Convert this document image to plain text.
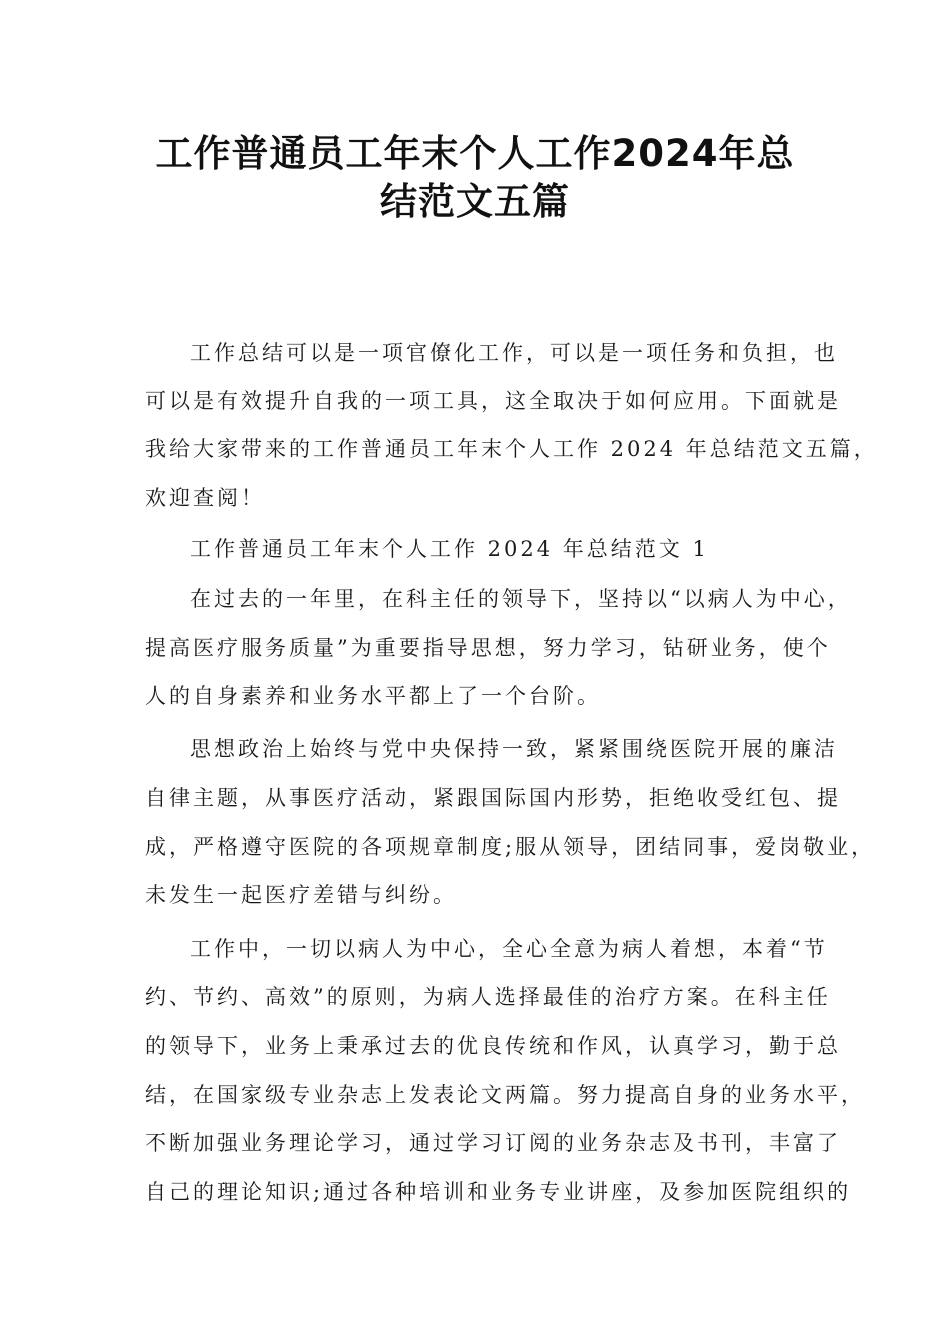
工作普通员工年末个人工作2024年总
结范文五篇

工作总结可以是一项官僚化工作，可以是一项任务和负担，也

可以是有效提升自我的一项工具，这全取决于如何应用。下面就是

我给大家带来的工作普通员工年末个人工作 2024 年总结范文五篇，

欢迎查阅！

工作普通员工年末个人工作 2024 年总结范文 1

在过去的一年里，在科主任的领导下，坚持以“以病人为中心，

提高医疗服务质量”为重要指导思想，努力学习，钻研业务，使个

人的自身素养和业务水平都上了一个台阶。

思想政治上始终与党中央保持一致，紧紧围绕医院开展的廉洁

自律主题，从事医疗活动，紧跟国际国内形势，拒绝收受红包、提

成，严格遵守医院的各项规章制度;服从领导，团结同事，爱岗敬业，

未发生一起医疗差错与纠纷。

工作中，一切以病人为中心，全心全意为病人着想，本着“节

约、节约、高效”的原则，为病人选择最佳的治疗方案。在科主任

的领导下，业务上秉承过去的优良传统和作风，认真学习，勤于总

结，在国家级专业杂志上发表论文两篇。努力提高自身的业务水平，

不断加强业务理论学习，通过学习订阅的业务杂志及书刊，丰富了

自己的理论知识;通过各种培训和业务专业讲座，及参加医院组织的
